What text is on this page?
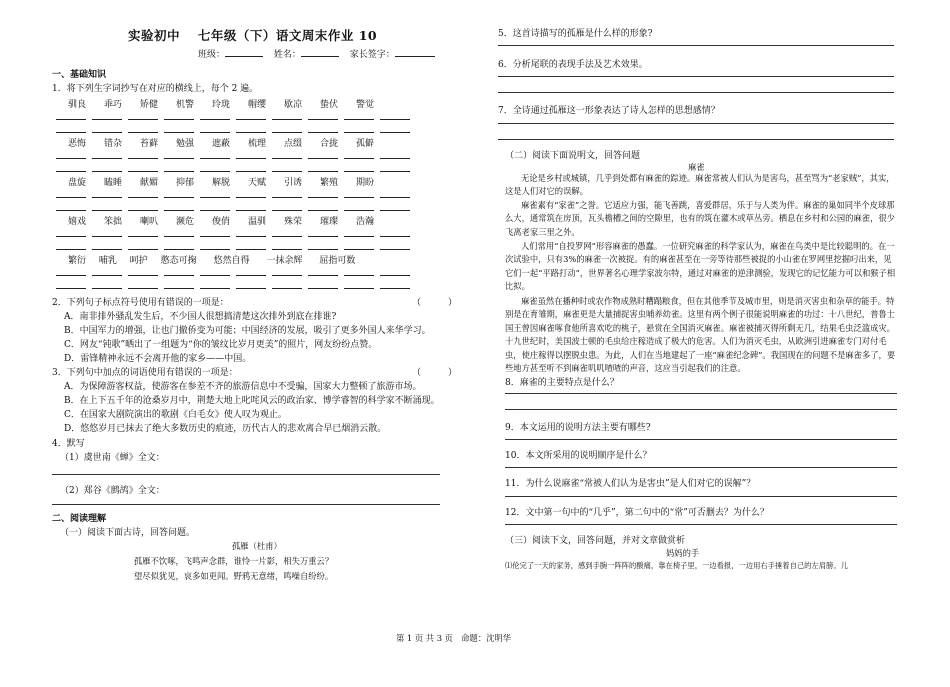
实验初中　 七年级（下）语文周末作业 10
班级：	姓名：	家长签字：
一、基础知识
1．将下列生字词抄写在对应的横线上，每个 2 遍。
驯良	乖巧	矫健	机警	玲珑	帽缨	歇凉	蛰伏	警觉
恶悔	错杂	苔藓	勉强	遮蔽	梳理	点缀	合拢	孤僻
盘旋	瞌睡	献媚	抑郁	解脱	天赋	引诱	繁殖	期盼
嬉戏	笨拙	喇叭	濒危	俊俏	温驯	殊荣	璀璨	浩瀚
繁衍 哺乳 呵护 憨态可掬 悠然自得 一抹余辉 屈指可数
2．下列句子标点符号使用有错误的一项是：	（　　　）
A．南非排外骚乱发生后，不少国人很想搞清楚这次排外到底在排谁?
B．中国军力的增强，让也门撤侨变为可能；中国经济的发展，吸引了更多外国人来华学习。
C．网友“钝歌”晒出了一组题为“你的皱纹比岁月更美”的照片，网友纷纷点赞。
D．雷锋精神永远不会离开他的家乡——中国。
3．下列句中加点的词语使用有错误的一项是：	（　　　）
A．为保障游客权益，使游客在参差不齐的旅游信息中不受骗，国家大力整顿了旅游市场。
B．在上下五千年的沧桑岁月中，荆楚大地上叱咤风云的政治家、博学睿智的科学家不断涌现。
C．在国家大剧院演出的歌剧《白毛女》使人叹为观止。
D．悠悠岁月已抹去了绝大多数历史的痕迹，历代古人的悲欢离合早已烟消云散。
4．默写
（1）虞世南《蝉》全文：
（2）郑谷《鹧鸪》全文：
二、阅读理解
（一）阅读下面古诗，回答问题。
孤雁（杜甫）
孤雁不饮啄，飞鸣声念群，谁怜一片影，相失万重云？
望尽似犹见，哀多如更闻。野鸦无意绪，鸣噪自纷纷。
5．这首诗描写的孤雁是什么样的形象?
6．分析尾联的表现手法及艺术效果。
7．全诗通过孤雁这一形象表达了诗人怎样的思想感情？
（二）阅读下面说明文，回答问题
麻雀
无论是乡村或城镇，几乎到处都有麻雀的踪迹。麻雀常被人们认为是害鸟，甚至骂为“老家贼”，其实，这是人们对它的误解。
麻雀素有“家雀”之誉。它适应力强，能飞善跳，喜爱群居，乐于与人类为伴。麻雀的巢如同半个皮球那么大，通常筑在房顶，瓦头檐槽之间的空隙里，也有的筑在灌木或草丛旁。栖息在乡村和公园的麻雀，很少飞离老家三里之外。
人们常用“自投罗网”形容麻雀的愚蠢。一位研究麻雀的科学家认为，麻雀在鸟类中是比较聪明的。在一次试验中，只有3%的麻雀一次被捉。有的麻雀甚至在一旁等待那些被捉的小山雀在罗网里挖掘叼出来，见它们一起“平路打动”，世界著名心理学家波尔特，通过对麻雀的逆津测验，发现它的记忆能力可以和猴子相比拟。
麻雀虽然在播种时或农作物成熟时糟蹋粮食，但在其他季节及城市里，则是消灭害虫和杂草的能手。特别是在育雏期，麻雀更是大量捕捉害虫哺养幼雀。这里有两个例子很能说明麻雀的功过：十八世纪，普鲁士国王曾因麻雀啄食他所喜欢吃的桃子，悬赏在全国消灭麻雀。麻雀被捕灭得所剩无几，结果毛虫泛滥成灾。十九世纪时，美国波士顿的毛虫给庄稼造成了极大的危害。人们为消灭毛虫，从欧洲引进麻雀专门对付毛虫，使庄稼得以摆脱虫患。为此，人们在当地建起了一座“麻雀纪念碑”。我国现在的问题不是麻雀多了，要些地方甚至听不到麻雀叽叽喳喳的声音，这应当引起我们的注意。
8．麻雀的主要特点是什么？
9．本文运用的说明方法主要有哪些?
10．本文所采用的说明顺序是什么？
11．为什么说麻雀“常被人们认为是害虫”是人们对它的误解”？
12．文中第一句中的“几乎”，第二句中的“常”可否删去？为什么？
（三）阅读下文，回答问题，并对文章做赏析
妈妈的手
⑴伦完了一天的家务，感到手腕一阵阵的酸痛，靠在椅子里，一边看报，一边用右手捶着自己的左肩膀。儿
第 1 页 共 3 页　命题：沈明华
